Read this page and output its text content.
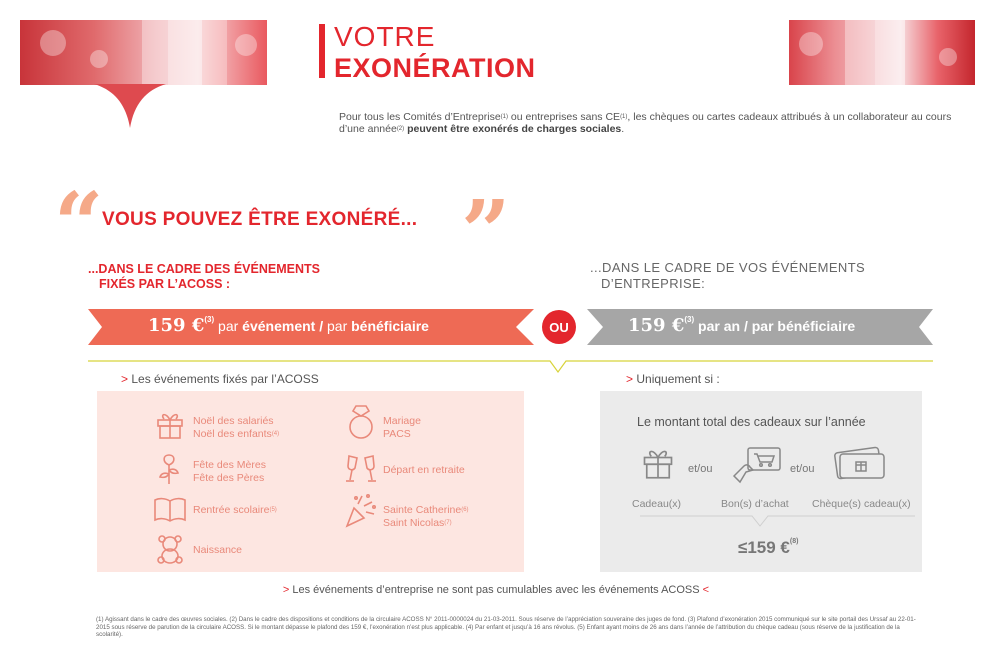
VOTRE
EXONÉRATION
Pour tous les Comités d’Entreprise$^{(1)}$ ou entreprises sans CE$^{(1)}$, les chèques ou cartes cadeaux attribués à un collaborateur au cours d’une année$^{(2)}$ peuvent être exonérés de charges sociales.
“
VOUS POUVEZ ÊTRE EXONÉRÉ... ”
...DANS LE CADRE DES ÉVÉNEMENTS
FIXÉS PAR L’ACOSS :
...DANS LE CADRE DE VOS ÉVÉNEMENTS
D’ENTREPRISE:
159 €$^{(3)}$ par événement / par bénéficiaire	OU	159 €$^{(3)}$ par an / par bénéficiaire
> Les événements fixés par l’ACOSS	> Uniquement si :
Noël des salariés
Noël des enfants$^{(4)}$
Mariage
PACS
Fête des Mères
Fête des Pères
Départ en retraite
Rentrée scolaire$^{(5)}$	Sainte Catherine$^{(6)}$
Saint Nicolas$^{(7)}$
Naissance
Le montant total des cadeaux sur l’année
et/ou	et/ou
Cadeau(x)	Bon(s) d’achat Chèque(s) cadeau(x)
≤159 €$^{(8)}$
> Les événements d’entreprise ne sont pas cumulables avec les événements ACOSS <
(1) Agissant dans le cadre des œuvres sociales. (2) Dans le cadre des dispositions et conditions de la circulaire ACOSS N° 2011-0000024 du 21-03-2011. Sous réserve de l’appréciation souveraine des juges de fond. (3) Plafond d’exonération 2015 communiqué sur le site portail des Urssaf au 22-01-2015 sous réserve de parution de la circulaire ACOSS. Si le montant dépasse le plafond des 159 €, l’exonération n’est plus applicable. (4) Par enfant et jusqu’à 16 ans révolus. (5) Enfant ayant moins de 26 ans dans l’année de l’attribution du chèque cadeau (sous réserve de la justification de la scolarité).
